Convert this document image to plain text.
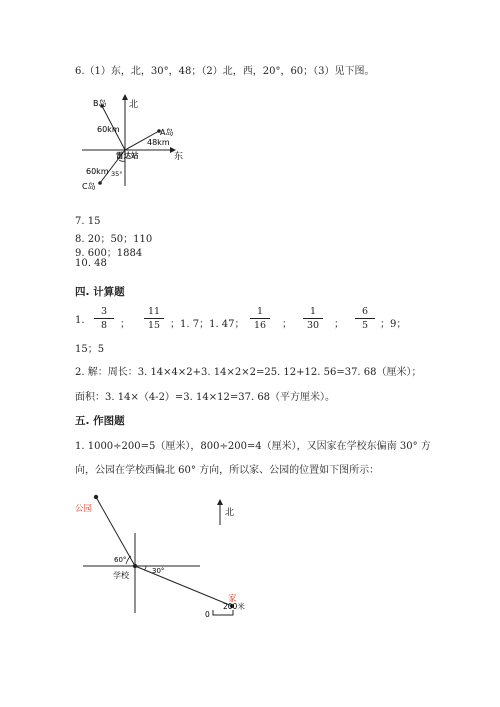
6.（1）东，北，30°，48；（2）北，西，20°，60；（3）见下图。
B岛	北
60km	A岛
48km
雷达站	东
60km 35°
C岛
7. 15
8. 20；50；110
9. 600；1884
10. 48
四. 计算题
1.
3
8	；
11
15 ；1. 7；1. 47；
1
16	；
1
30	；
6
5	；9；
15；5
2. 解：周长：3. 14×4×2+3. 14×2×2=25. 12+12. 56=37. 68（厘米）；
面积：3. 14×（4-2）=3. 14×12=37. 68（平方厘米）。
五. 作图题
1. 1000÷200=5（厘米），800÷200=4（厘米），又因家在学校东偏南 30° 方
向，公园在学校西偏北 60° 方向，所以家、公园的位置如下图所示：
公园	北
60°
30°
学校
家
0
200米
